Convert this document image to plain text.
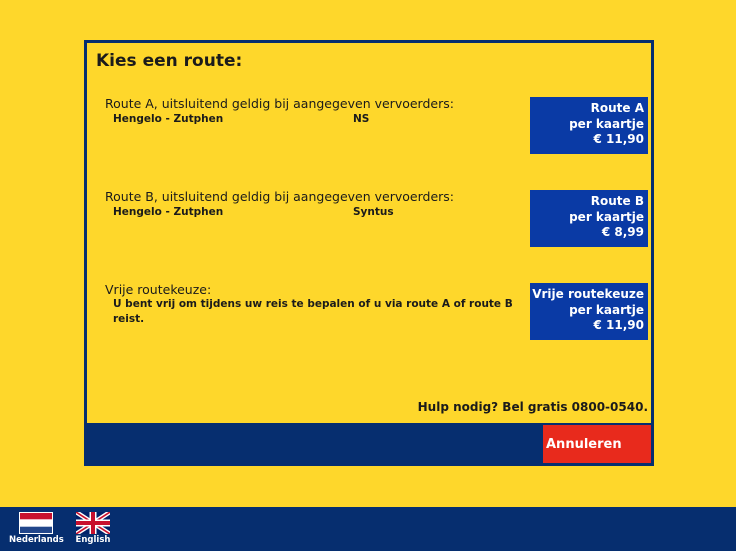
Kies een route:
Route A, uitsluitend geldig bij aangegeven vervoerders:
Hengelo - Zutphen	NS
Route A
per kaartje
€ 11,90
Route B, uitsluitend geldig bij aangegeven vervoerders:
Hengelo - Zutphen	Syntus
Route B
per kaartje
€ 8,99
Vrije routekeuze:
U bent vrij om tijdens uw reis te bepalen of u via route A of route B
reist.
Vrije routekeuze
per kaartje
€ 11,90
Hulp nodig? Bel gratis 0800-0540.
Annuleren
Nederlands English
